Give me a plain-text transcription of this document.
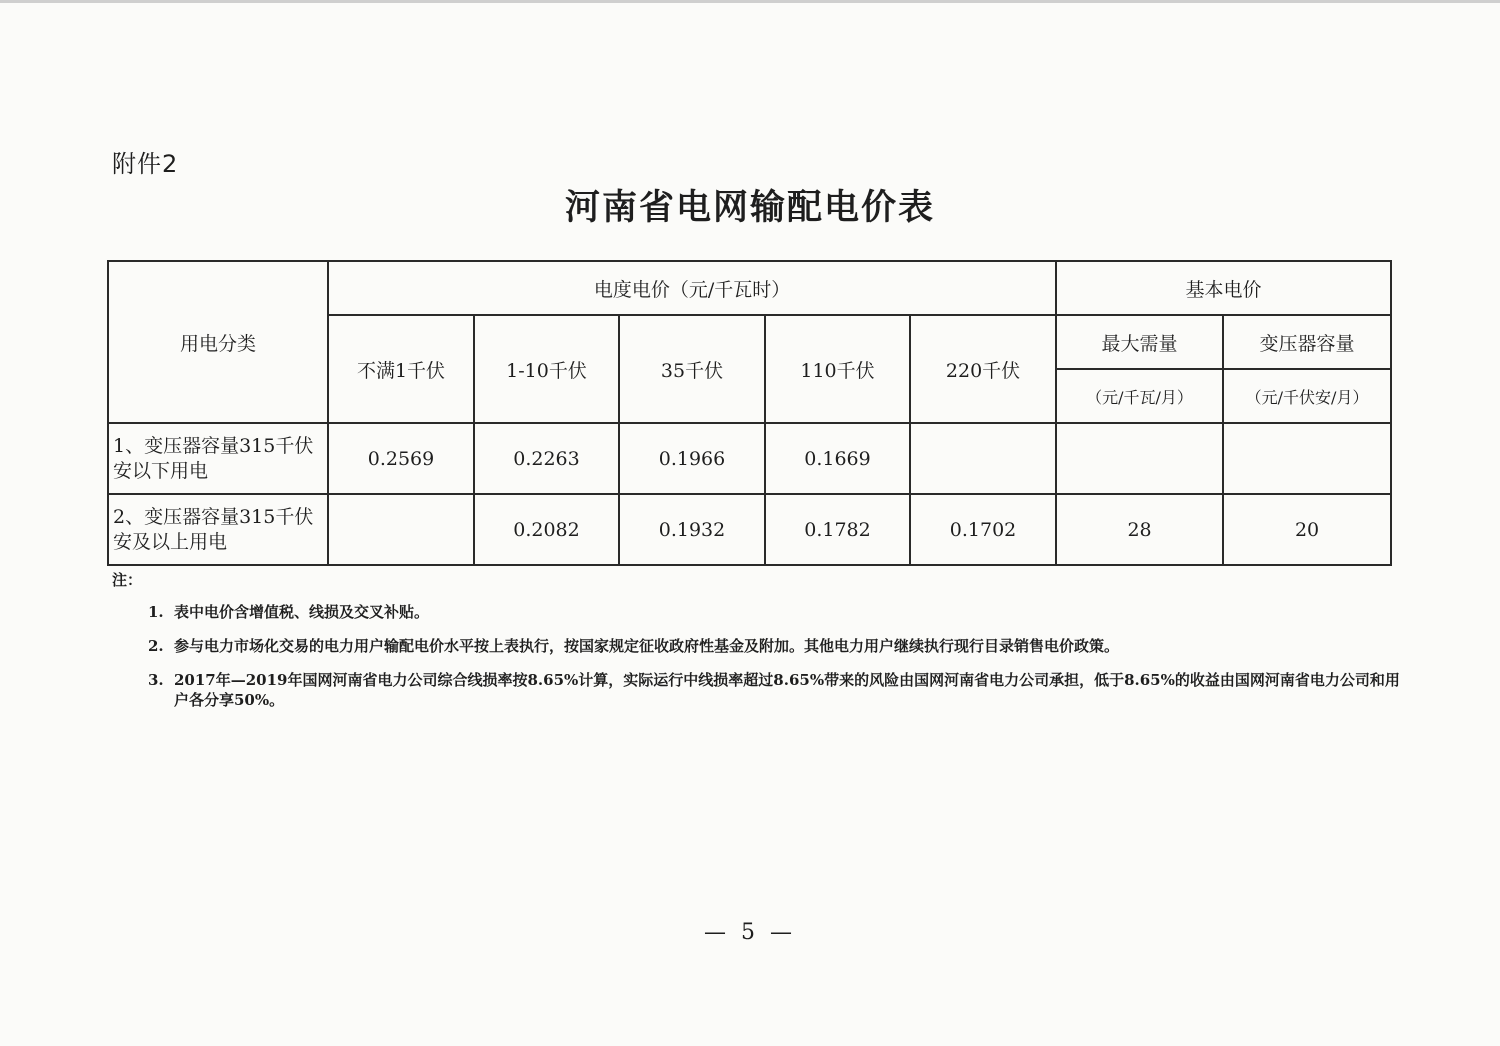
附件2
河南省电网输配电价表
用电分类	电度电价（元/千瓦时）					基本电价	
	不满1千伏	1-10千伏	35千伏	110千伏	220千伏	最大需量	变压器容量
						（元/千瓦/月）	（元/千伏安/月）
1、变压器容量315千伏安以下用电	0.2569	0.2263	0.1966	0.1669			
2、变压器容量315千伏安及以上用电		0.2082	0.1932	0.1782	0.1702	28	20
注：
1. 表中电价含增值税、线损及交叉补贴。
2. 参与电力市场化交易的电力用户输配电价水平按上表执行，按国家规定征收政府性基金及附加。其他电力用户继续执行现行目录销售电价政策。
3. 2017年—2019年国网河南省电力公司综合线损率按8.65%计算，实际运行中线损率超过8.65%带来的风险由国网河南省电力公司承担，低于8.65%的收益由国网河南省电力公司和用户各分享50%。
— 5 —
